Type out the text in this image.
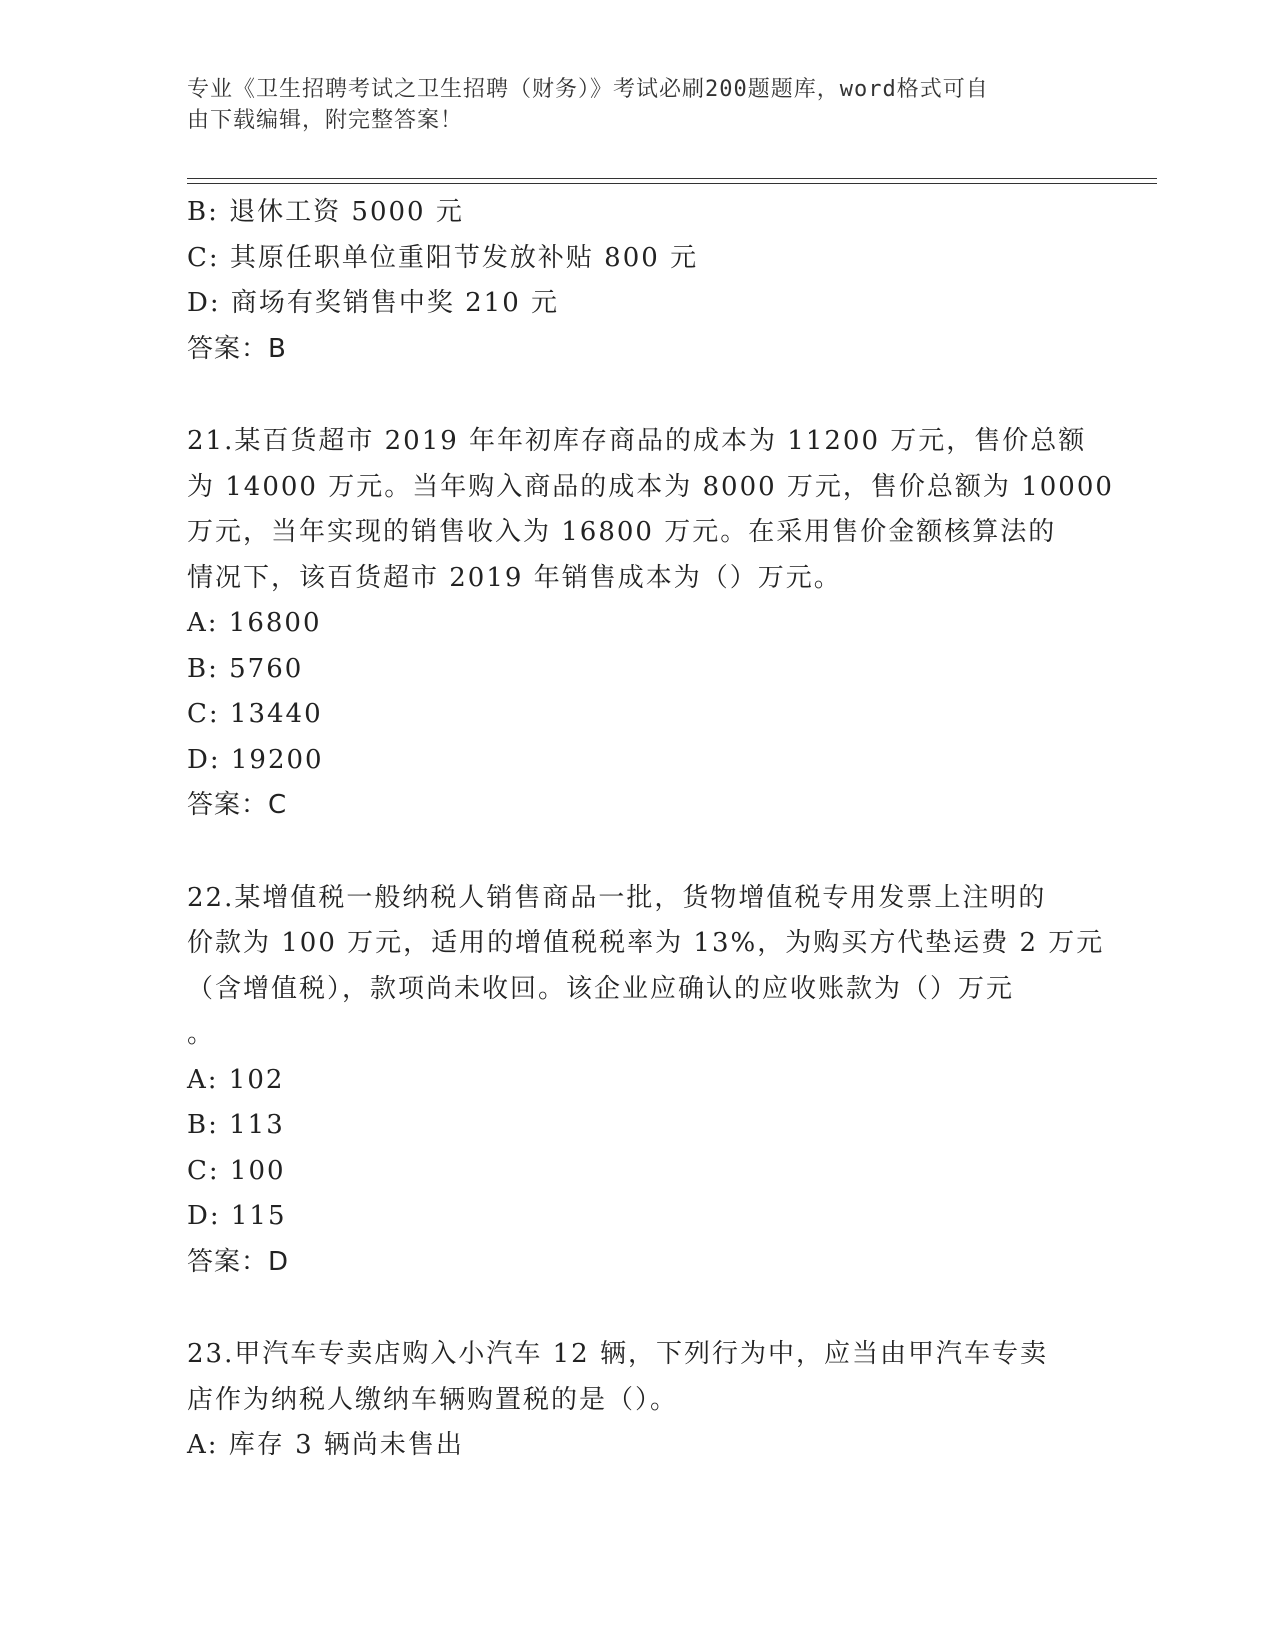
专业《卫生招聘考试之卫生招聘（财务）》考试必刷200题题库，word格式可自
由下载编辑，附完整答案！
B: 退休工资 5000 元
C: 其原任职单位重阳节发放补贴 800 元
D: 商场有奖销售中奖 210 元
答案：B
21.某百货超市 2019 年年初库存商品的成本为 11200 万元，售价总额
为 14000 万元。当年购入商品的成本为 8000 万元，售价总额为 10000
万元，当年实现的销售收入为 16800 万元。在采用售价金额核算法的
情况下，该百货超市 2019 年销售成本为（）万元。
A: 16800
B: 5760
C: 13440
D: 19200
答案：C
22.某增值税一般纳税人销售商品一批，货物增值税专用发票上注明的
价款为 100 万元，适用的增值税税率为 13%，为购买方代垫运费 2 万元
（含增值税），款项尚未收回。该企业应确认的应收账款为（）万元
。
A: 102
B: 113
C: 100
D: 115
答案：D
23.甲汽车专卖店购入小汽车 12 辆，下列行为中，应当由甲汽车专卖
店作为纳税人缴纳车辆购置税的是（）。
A: 库存 3 辆尚未售出
